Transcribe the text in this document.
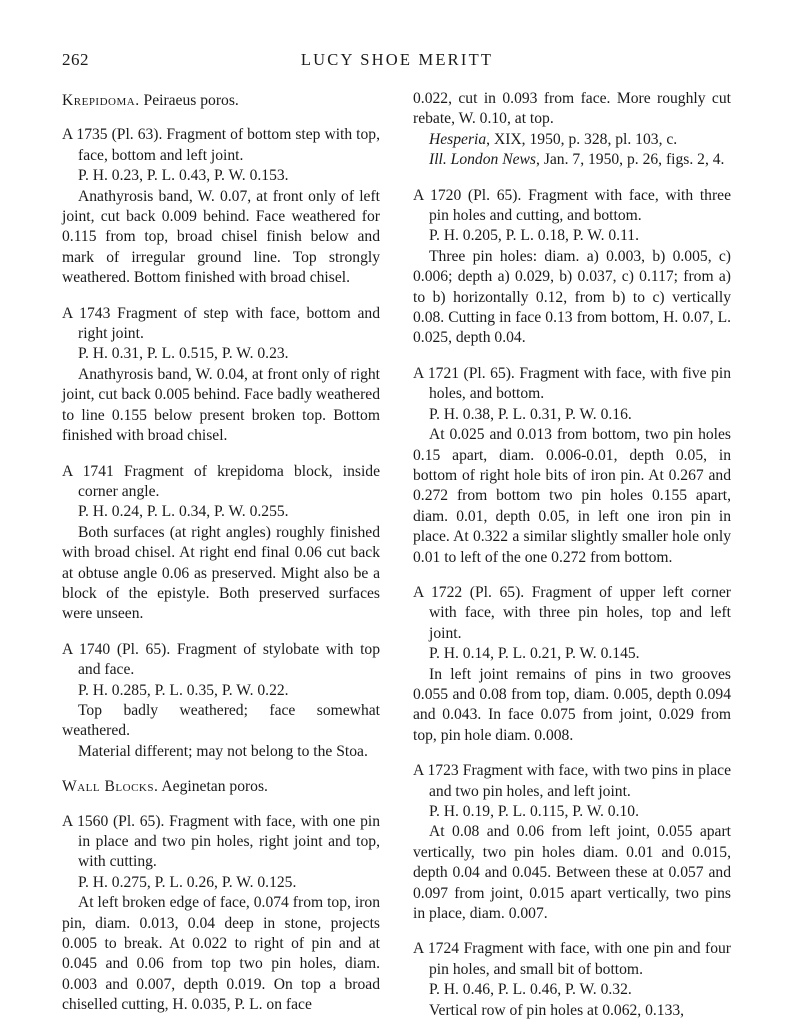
262	LUCY SHOE MERITT
Krepidoma. Peiraeus poros.
A 1735 (Pl. 63). Fragment of bottom step with top, face, bottom and left joint.
P. H. 0.23, P. L. 0.43, P. W. 0.153.
Anathyrosis band, W. 0.07, at front only of left joint, cut back 0.009 behind. Face weathered for 0.115 from top, broad chisel finish below and mark of irregular ground line. Top strongly weathered. Bottom finished with broad chisel.
A 1743 Fragment of step with face, bottom and right joint.
P. H. 0.31, P. L. 0.515, P. W. 0.23.
Anathyrosis band, W. 0.04, at front only of right joint, cut back 0.005 behind. Face badly weathered to line 0.155 below present broken top. Bottom finished with broad chisel.
A 1741 Fragment of krepidoma block, inside corner angle.
P. H. 0.24, P. L. 0.34, P. W. 0.255.
Both surfaces (at right angles) roughly finished with broad chisel. At right end final 0.06 cut back at obtuse angle 0.06 as preserved. Might also be a block of the epistyle. Both preserved surfaces were unseen.
A 1740 (Pl. 65). Fragment of stylobate with top and face.
P. H. 0.285, P. L. 0.35, P. W. 0.22.
Top badly weathered; face somewhat weathered.
Material different; may not belong to the Stoa.
Wall Blocks. Aeginetan poros.
A 1560 (Pl. 65). Fragment with face, with one pin in place and two pin holes, right joint and top, with cutting.
P. H. 0.275, P. L. 0.26, P. W. 0.125.
At left broken edge of face, 0.074 from top, iron pin, diam. 0.013, 0.04 deep in stone, projects 0.005 to break. At 0.022 to right of pin and at 0.045 and 0.06 from top two pin holes, diam. 0.003 and 0.007, depth 0.019. On top a broad chiselled cutting, H. 0.035, P. L. on face
0.022, cut in 0.093 from face. More roughly cut rebate, W. 0.10, at top.
Hesperia, XIX, 1950, p. 328, pl. 103, c.
Ill. London News, Jan. 7, 1950, p. 26, figs. 2, 4.
A 1720 (Pl. 65). Fragment with face, with three pin holes and cutting, and bottom.
P. H. 0.205, P. L. 0.18, P. W. 0.11.
Three pin holes: diam. a) 0.003, b) 0.005, c) 0.006; depth a) 0.029, b) 0.037, c) 0.117; from a) to b) horizontally 0.12, from b) to c) vertically 0.08. Cutting in face 0.13 from bottom, H. 0.07, L. 0.025, depth 0.04.
A 1721 (Pl. 65). Fragment with face, with five pin holes, and bottom.
P. H. 0.38, P. L. 0.31, P. W. 0.16.
At 0.025 and 0.013 from bottom, two pin holes 0.15 apart, diam. 0.006-0.01, depth 0.05, in bottom of right hole bits of iron pin. At 0.267 and 0.272 from bottom two pin holes 0.155 apart, diam. 0.01, depth 0.05, in left one iron pin in place. At 0.322 a similar slightly smaller hole only 0.01 to left of the one 0.272 from bottom.
A 1722 (Pl. 65). Fragment of upper left corner with face, with three pin holes, top and left joint.
P. H. 0.14, P. L. 0.21, P. W. 0.145.
In left joint remains of pins in two grooves 0.055 and 0.08 from top, diam. 0.005, depth 0.094 and 0.043. In face 0.075 from joint, 0.029 from top, pin hole diam. 0.008.
A 1723 Fragment with face, with two pins in place and two pin holes, and left joint.
P. H. 0.19, P. L. 0.115, P. W. 0.10.
At 0.08 and 0.06 from left joint, 0.055 apart vertically, two pin holes diam. 0.01 and 0.015, depth 0.04 and 0.045. Between these at 0.057 and 0.097 from joint, 0.015 apart vertically, two pins in place, diam. 0.007.
A 1724 Fragment with face, with one pin and four pin holes, and small bit of bottom.
P. H. 0.46, P. L. 0.46, P. W. 0.32.
Vertical row of pin holes at 0.062, 0.133,
